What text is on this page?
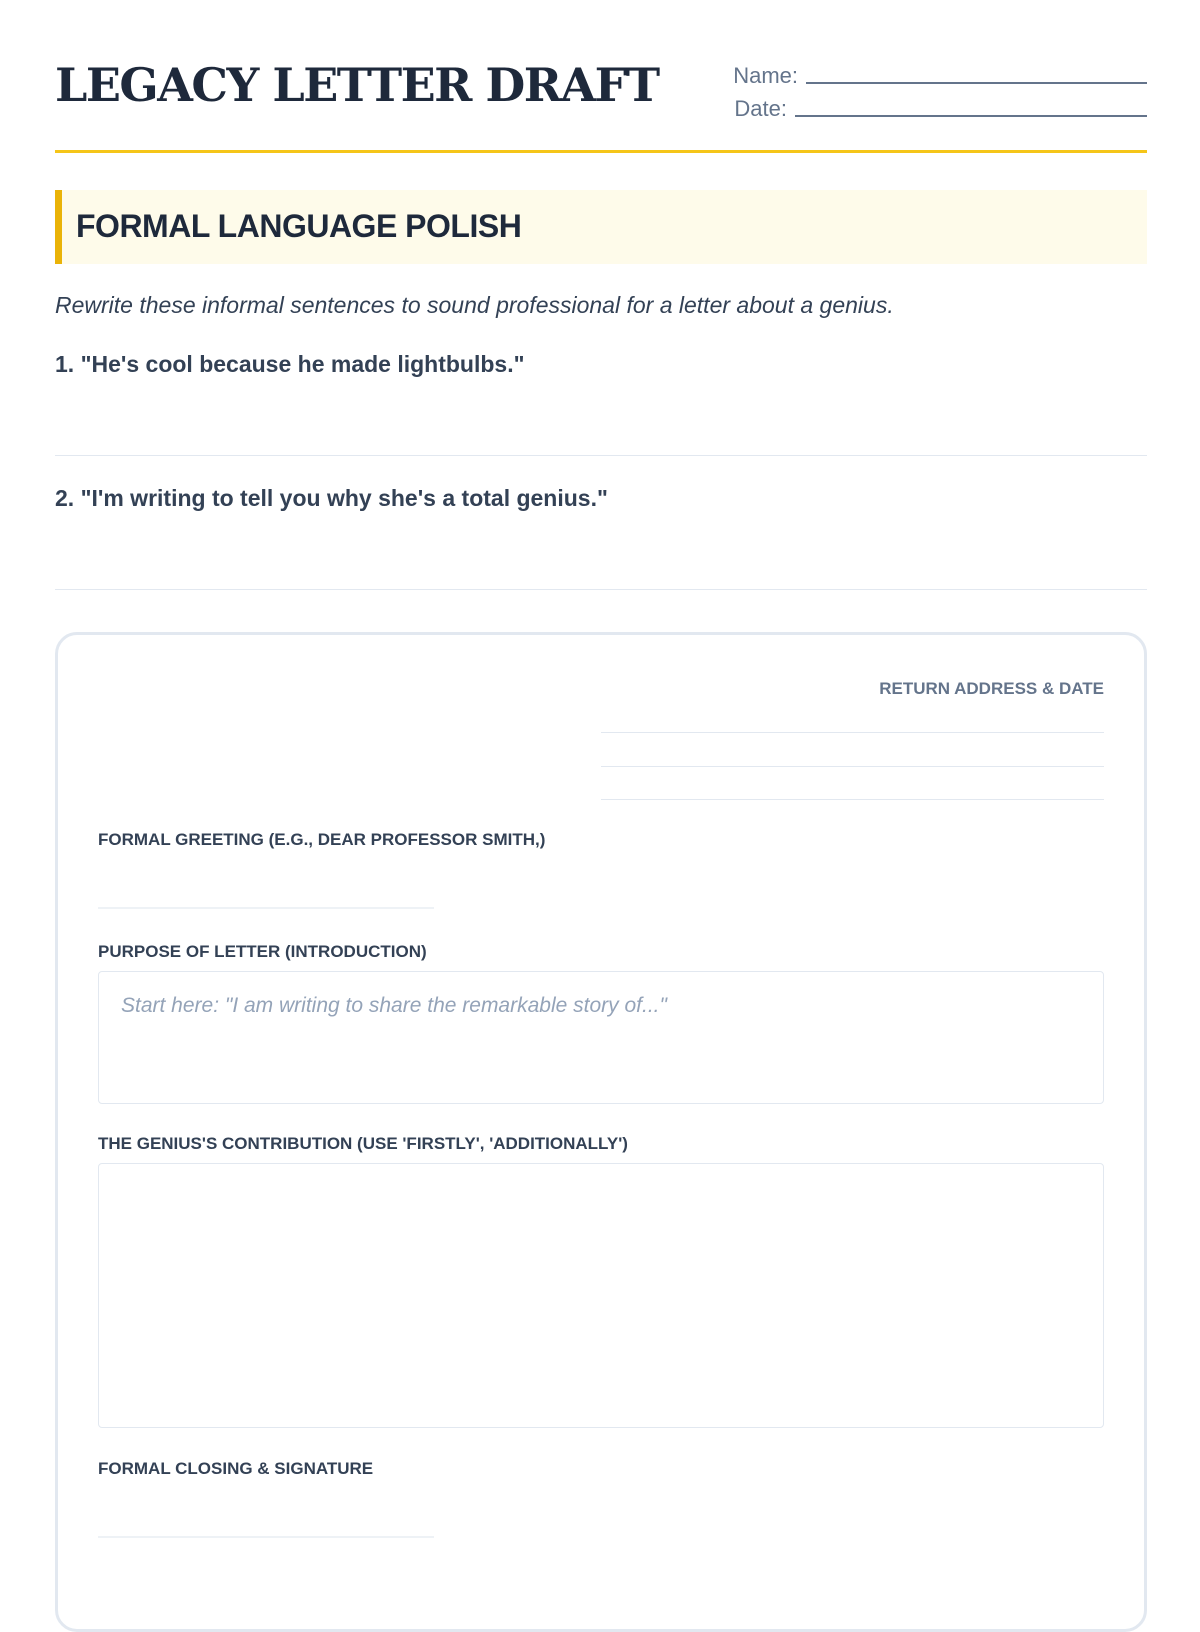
LEGACY LETTER DRAFT	Name:
Date:
FORMAL LANGUAGE POLISH
Rewrite these informal sentences to sound professional for a letter about a genius.
1. "He's cool because he made lightbulbs."
2. "I'm writing to tell you why she's a total genius."
RETURN ADDRESS & DATE
FORMAL GREETING (E.G., DEAR PROFESSOR SMITH,)
PURPOSE OF LETTER (INTRODUCTION)
Start here: "I am writing to share the remarkable story of..."
THE GENIUS'S CONTRIBUTION (USE 'FIRSTLY', 'ADDITIONALLY')
FORMAL CLOSING & SIGNATURE
